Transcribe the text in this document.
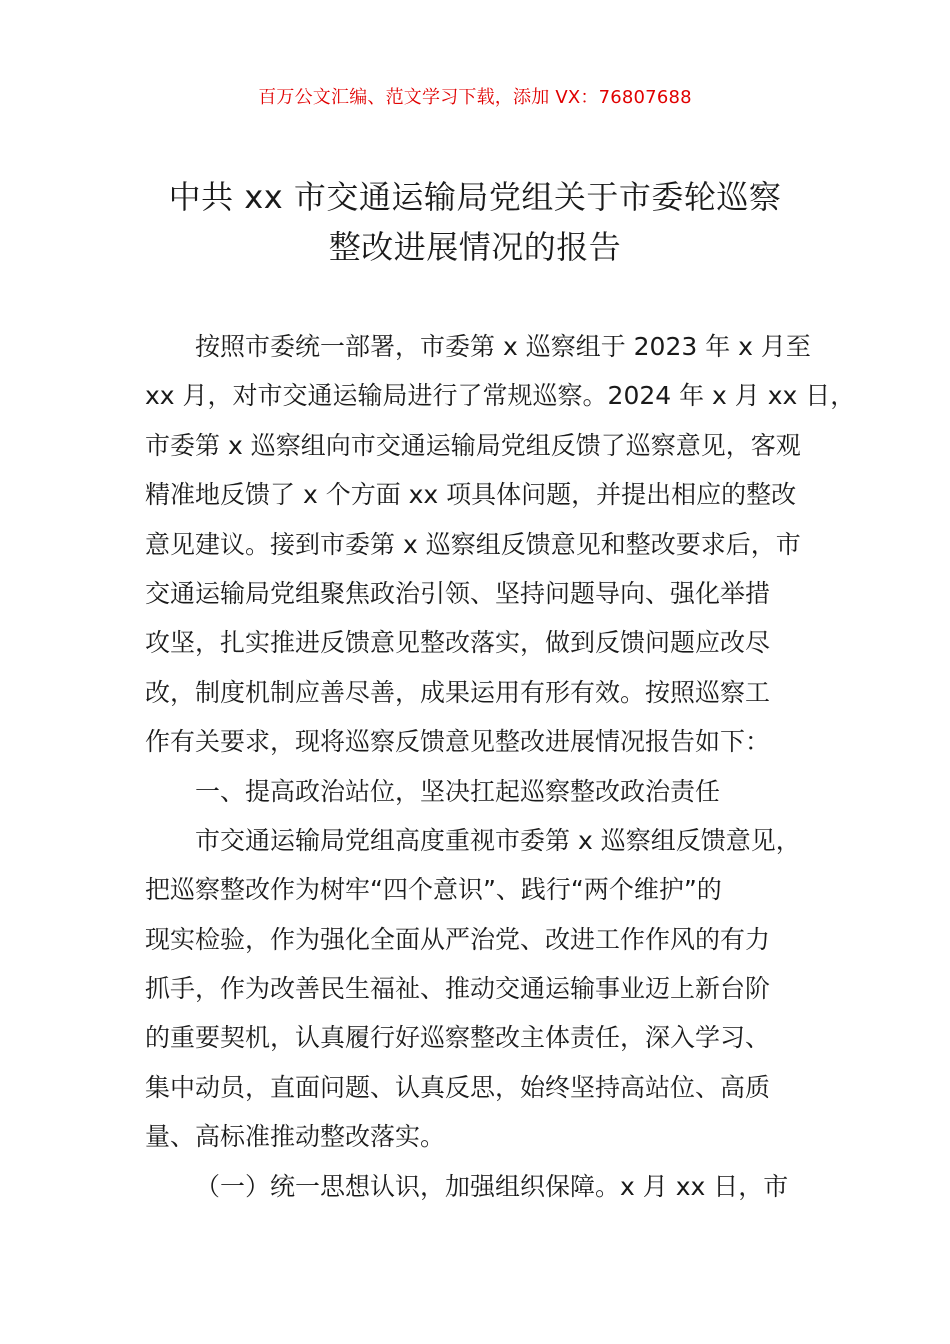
百万公文汇编、范文学习下载，添加 VX：76807688
中共 xx 市交通运输局党组关于市委轮巡察
整改进展情况的报告
按照市委统一部署，市委第 x 巡察组于 2023 年 x 月至
xx 月，对市交通运输局进行了常规巡察。2024 年 x 月 xx 日，
市委第 x 巡察组向市交通运输局党组反馈了巡察意见，客观
精准地反馈了 x 个方面 xx 项具体问题，并提出相应的整改
意见建议。接到市委第 x 巡察组反馈意见和整改要求后，市
交通运输局党组聚焦政治引领、坚持问题导向、强化举措
攻坚，扎实推进反馈意见整改落实，做到反馈问题应改尽
改，制度机制应善尽善，成果运用有形有效。按照巡察工
作有关要求，现将巡察反馈意见整改进展情况报告如下：
一、提高政治站位，坚决扛起巡察整改政治责任
市交通运输局党组高度重视市委第 x 巡察组反馈意见，
把巡察整改作为树牢“四个意识”、践行“两个维护”的
现实检验，作为强化全面从严治党、改进工作作风的有力
抓手，作为改善民生福祉、推动交通运输事业迈上新台阶
的重要契机，认真履行好巡察整改主体责任，深入学习、
集中动员，直面问题、认真反思，始终坚持高站位、高质
量、高标准推动整改落实。
（一）统一思想认识，加强组织保障。x 月 xx 日，市
